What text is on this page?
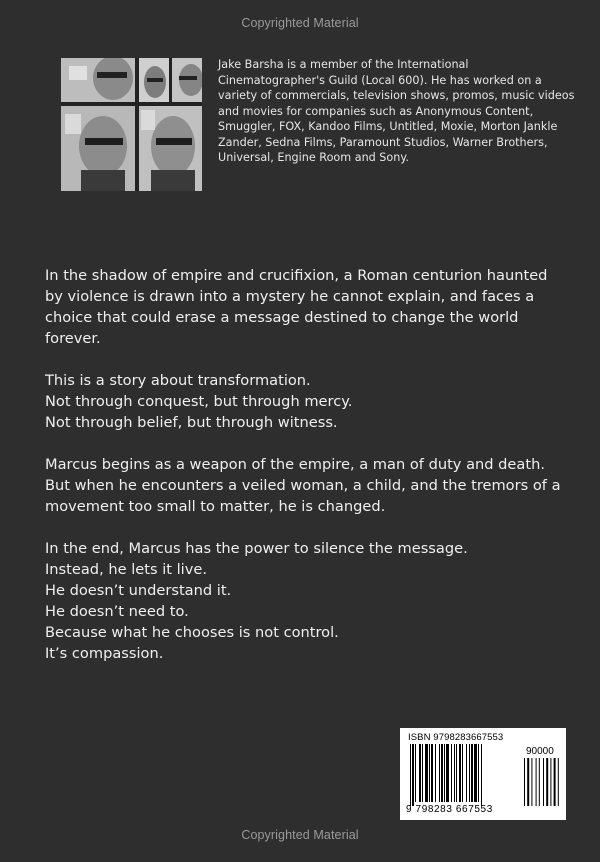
Copyrighted Material
Jake Barsha is a member of the International Cinematographer's Guild (Local 600). He has worked on a variety of commercials, television shows, promos, music videos and movies for companies such as Anonymous Content, Smuggler, FOX, Kandoo Films, Untitled, Moxie, Morton Jankle Zander, Sedna Films, Paramount Studios, Warner Brothers, Universal, Engine Room and Sony.

In the shadow of empire and crucifixion, a Roman centurion haunted by violence is drawn into a mystery he cannot explain, and faces a choice that could erase a message destined to change the world forever.

This is a story about transformation.
Not through conquest, but through mercy.
Not through belief, but through witness.

Marcus begins as a weapon of the empire, a man of duty and death. But when he encounters a veiled woman, a child, and the tremors of a movement too small to matter, he is changed.

In the end, Marcus has the power to silence the message.
Instead, he lets it live.
He doesn’t understand it.
He doesn’t need to.
Because what he chooses is not control.
It’s compassion.

ISBN 9798283667553
90000
9 798283 667553
Copyrighted Material
